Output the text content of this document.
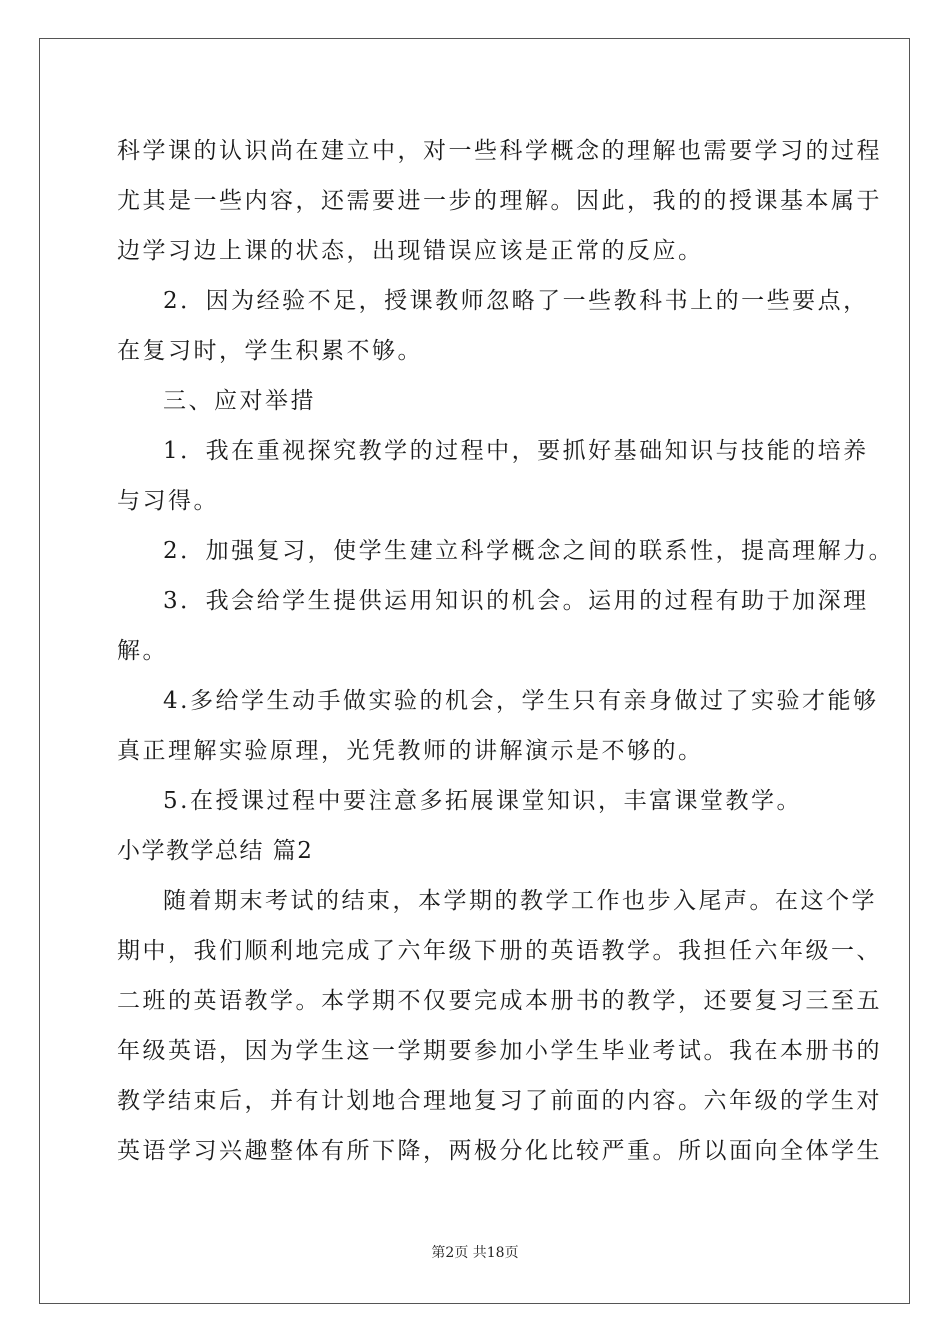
科学课的认识尚在建立中，对一些科学概念的理解也需要学习的过程
尤其是一些内容，还需要进一步的理解。因此，我的的授课基本属于
边学习边上课的状态，出现错误应该是正常的反应。
2．因为经验不足，授课教师忽略了一些教科书上的一些要点，
在复习时，学生积累不够。
三、应对举措
1．我在重视探究教学的过程中，要抓好基础知识与技能的培养
与习得。
2．加强复习，使学生建立科学概念之间的联系性，提高理解力。
3．我会给学生提供运用知识的机会。运用的过程有助于加深理
解。
4.多给学生动手做实验的机会，学生只有亲身做过了实验才能够
真正理解实验原理，光凭教师的讲解演示是不够的。
5.在授课过程中要注意多拓展课堂知识，丰富课堂教学。
小学教学总结 篇2
随着期末考试的结束，本学期的教学工作也步入尾声。在这个学
期中，我们顺利地完成了六年级下册的英语教学。我担任六年级一、
二班的英语教学。本学期不仅要完成本册书的教学，还要复习三至五
年级英语，因为学生这一学期要参加小学生毕业考试。我在本册书的
教学结束后，并有计划地合理地复习了前面的内容。六年级的学生对
英语学习兴趣整体有所下降，两极分化比较严重。所以面向全体学生
第2页 共18页
